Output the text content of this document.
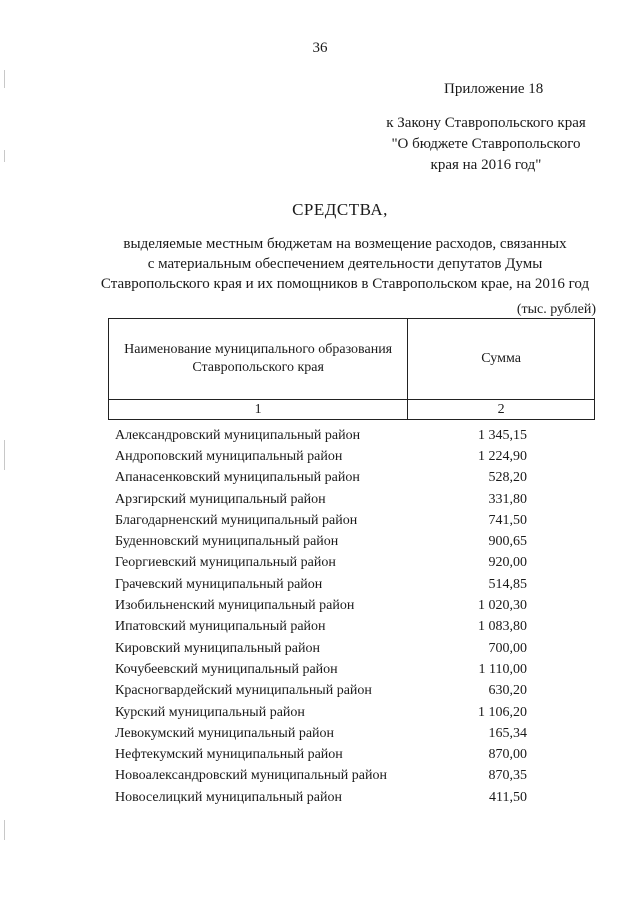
36
Приложение 18
к Закону Ставропольского края
"О бюджете Ставропольского
края на 2016 год"
СРЕДСТВА,
выделяемые местным бюджетам на возмещение расходов, связанных
с материальным обеспечением деятельности депутатов Думы
Ставропольского края и их помощников в Ставропольском крае, на 2016 год
(тыс. рублей)
Наименование муниципального образования Ставропольского края	Сумма
1	2
Александровский муниципальный район	1 345,15
Андроповский муниципальный район	1 224,90
Апанасенковский муниципальный район	528,20
Арзгирский муниципальный район	331,80
Благодарненский муниципальный район	741,50
Буденновский муниципальный район	900,65
Георгиевский муниципальный район	920,00
Грачевский муниципальный район	514,85
Изобильненский муниципальный район	1 020,30
Ипатовский муниципальный район	1 083,80
Кировский муниципальный район	700,00
Кочубеевский муниципальный район	1 110,00
Красногвардейский муниципальный район	630,20
Курский муниципальный район	1 106,20
Левокумский муниципальный район	165,34
Нефтекумский муниципальный район	870,00
Новоалександровский муниципальный район	870,35
Новоселицкий муниципальный район	411,50
